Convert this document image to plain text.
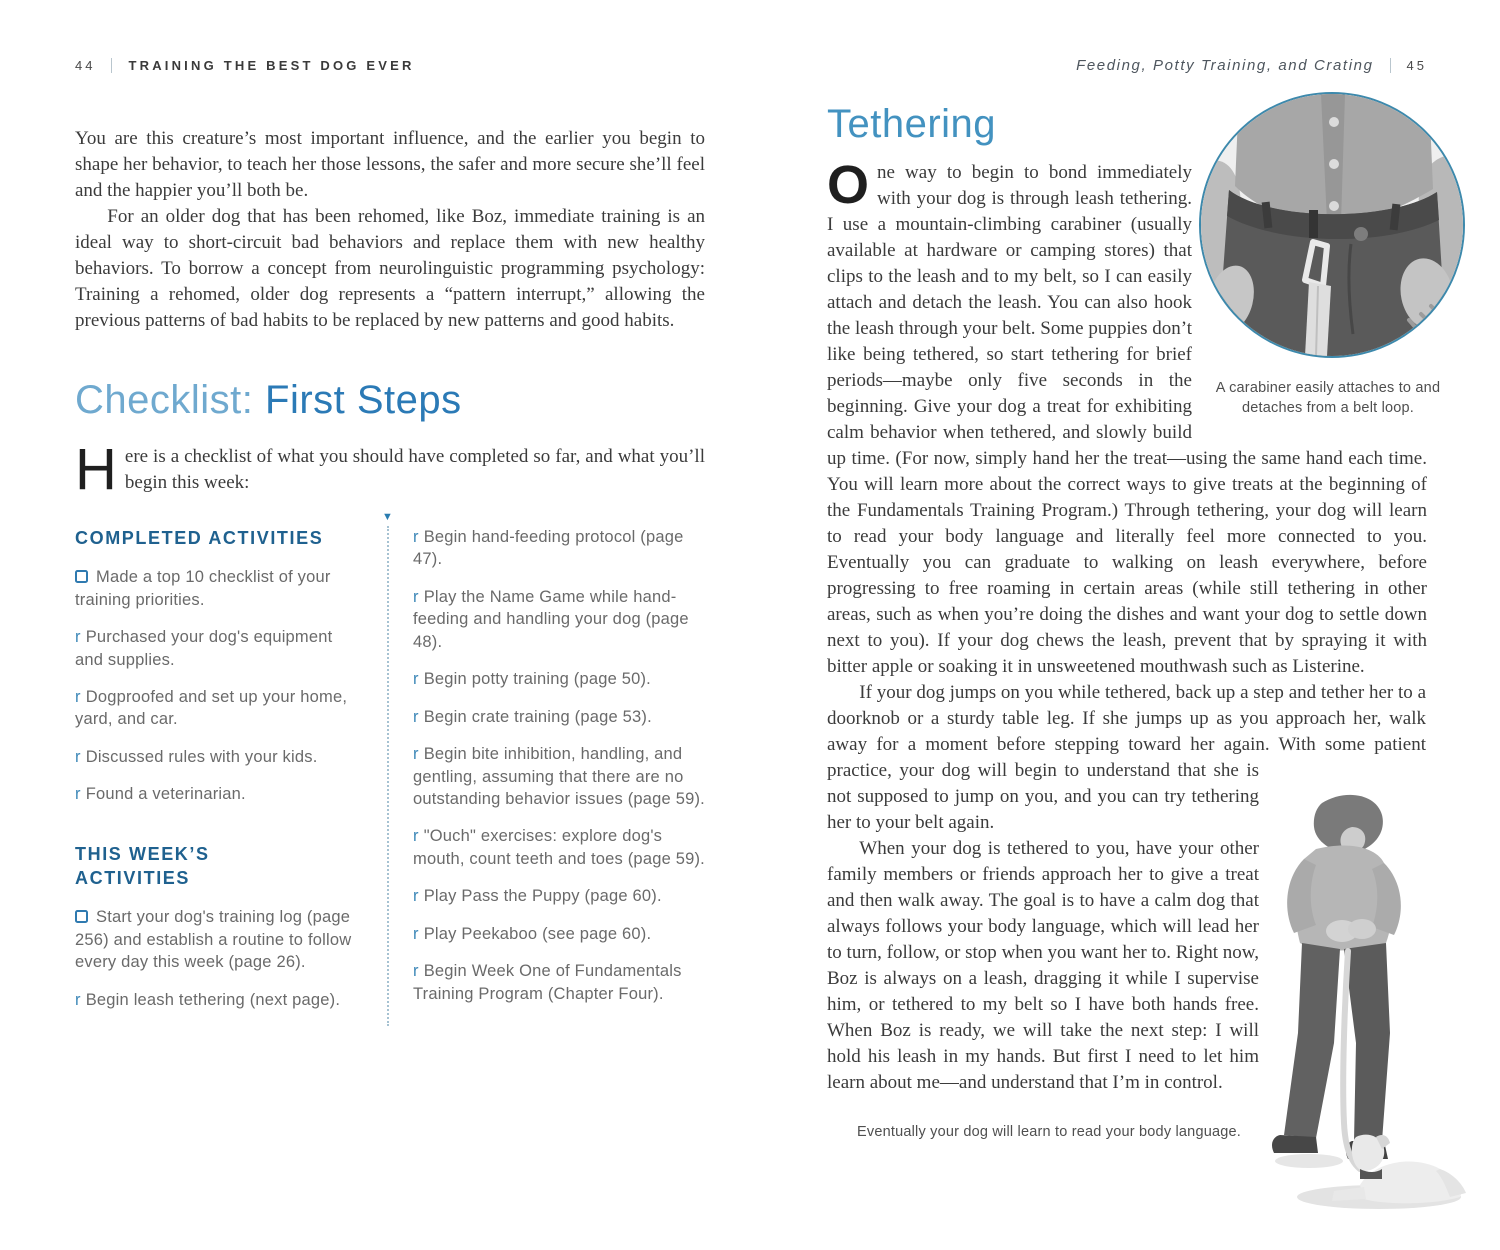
44	TRAINING THE BEST DOG EVER

You are this creature’s most important influence, and the earlier you begin to shape her behavior, to teach her those lessons, the safer and more secure she’ll feel and the happier you’ll both be.

For an older dog that has been rehomed, like Boz, immediate training is an ideal way to short-circuit bad behaviors and replace them with new healthy behaviors. To borrow a concept from neurolinguistic programming psychology: Training a rehomed, older dog represents a “pattern interrupt,” allowing the previous patterns of bad habits to be replaced by new patterns and good habits.

Checklist: First Steps

Here is a checklist of what you should have completed so far, and what you’ll begin this week:

COMPLETED ACTIVITIES
Made a top 10 checklist of your training priorities.
r Purchased your dog's equipment and supplies.
r Dogproofed and set up your home, yard, and car.
r Discussed rules with your kids.
r Found a veterinarian.
THIS WEEK’S
ACTIVITIES
Start your dog's training log (page 256) and establish a routine to follow every day this week (page 26).
r Begin leash tethering (next page).
▼
r Begin hand-feeding protocol (page 47).
r Play the Name Game while hand-feeding and handling your dog (page 48).
r Begin potty training (page 50).
r Begin crate training (page 53).
r Begin bite inhibition, handling, and gentling, assuming that there are no outstanding behavior issues (page 59).
r "Ouch" exercises: explore dog's mouth, count teeth and toes (page 59).
r Play Pass the Puppy (page 60).
r Play Peekaboo (see page 60).
r Begin Week One of Fundamentals Training Program (Chapter Four).
Feeding, Potty Training, and Crating	45
Tethering

One way to begin to bond immediately with your dog is through leash tethering. I use a mountain-climbing carabiner (usually available at hardware or camping stores) that clips to the leash and to my belt, so I can easily attach and detach the leash. You can also hook the leash through your belt. Some puppies don’t like being tethered, so start tethering for brief periods—maybe only five seconds in the beginning. Give your dog a treat for exhibiting calm behavior when tethered, and slowly build up time. (For now, simply hand her the treat—using the same hand each time. You will learn more about the correct ways to give treats at the beginning of the Fundamentals Training Program.) Through tethering, your dog will learn to read your body language and literally feel more connected to you. Eventually you can graduate to walking on leash everywhere, before progressing to free roaming in certain areas (while still tethering in other areas, such as when you’re doing the dishes and want your dog to settle down next to you). If your dog chews the leash, prevent that by spraying it with bitter apple or soaking it in unsweetened mouthwash such as Listerine.

If your dog jumps on you while tethered, back up a step and tether her to a doorknob or a sturdy table leg. If she jumps up as you approach her, walk away for a moment before stepping toward her again. With some patient practice, your dog will begin to understand that she is not supposed to jump on you, and you can try tethering her to your belt again.

When your dog is tethered to you, have your other family members or friends approach her to give a treat and then walk away. The goal is to have a calm dog that always follows your body language, which will lead her to turn, follow, or stop when you want her to. Right now, Boz is always on a leash, dragging it while I supervise him, or tethered to my belt so I have both hands free. When Boz is ready, we will take the next step: I will hold his leash in my hands. But first I need to let him learn about me—and understand that I’m in control.

A carabiner easily attaches to and detaches from a belt loop.
Eventually your dog will learn to read your body language.
